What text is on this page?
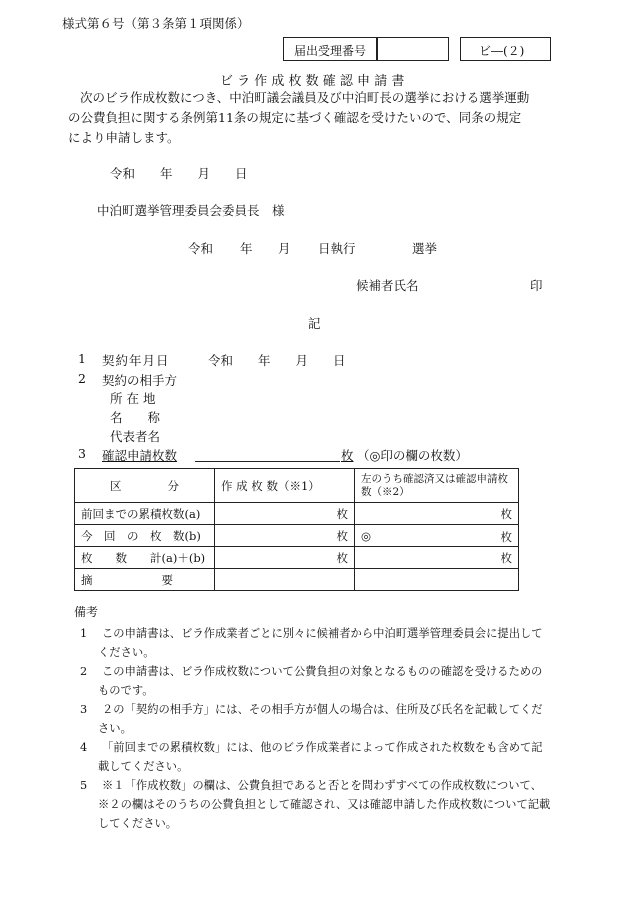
様式第６号（第３条第１項関係）
届出受理番号	ビ―(２)
ビ ラ 作 成 枚 数 確 認 申 請 書
次のビラ作成枚数につき、中泊町議会議員及び中泊町長の選挙における選挙運動
の公費負担に関する条例第11条の規定に基づく確認を受けたいので、同条の規定
により申請します。
令和　　年　　月　　日
中泊町選挙管理委員会委員長　様
令和 年 月 日執行	選挙
候補者氏名	印
記
1 契約年月日	令和　　年　　月　　日
2 契約の相手方
所 在 地
名　　称
代表者名
3 確認申請枚数	枚 （◎印の欄の枚数）
区　　　　分	作 成 枚 数（※1）	左のうち確認済又は確認申請枚数（※2）
前回までの累積枚数(a)	枚	枚
今　回　の　枚　数(b)	枚	◎ 枚

枚　　数　　計(a)＋(b)	枚	枚
摘　　　　　　要		
備考
1 この申請書は、ビラ作成業者ごとに別々に候補者から中泊町選挙管理委員会に提出して
ください。
2 この申請書は、ビラ作成枚数について公費負担の対象となるものの確認を受けるための
ものです。
3 ２の「契約の相手方」には、その相手方が個人の場合は、住所及び氏名を記載してくだ
さい。
4 「前回までの累積枚数」には、他のビラ作成業者によって作成された枚数をも含めて記
載してください。
5 ※１「作成枚数」の欄は、公費負担であると否とを問わずすべての作成枚数について、
※２の欄はそのうちの公費負担として確認され、又は確認申請した作成枚数について記載
してください。
